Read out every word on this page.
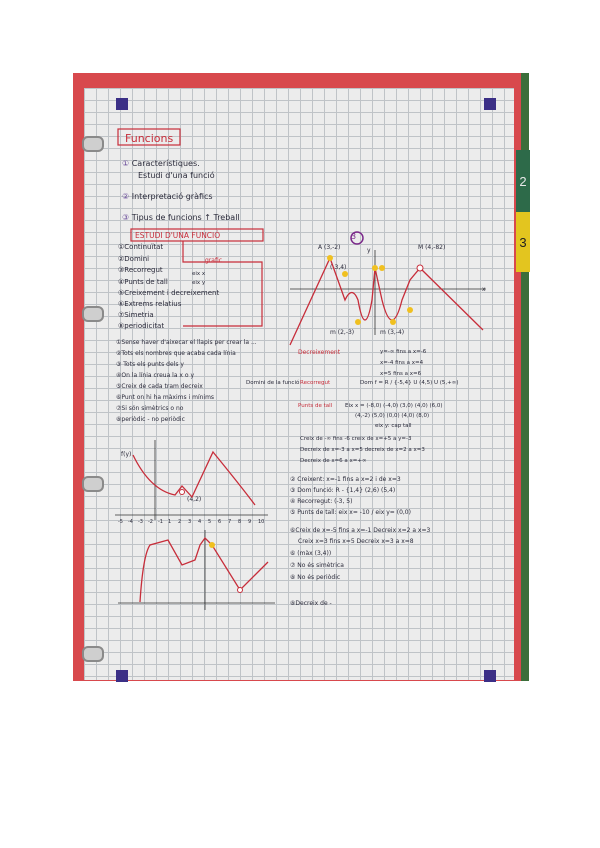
2
3
Funcions
① Característiques.
Estudi d'una funció
② Interpretació gràfics
③ Tipus de funcions ↑ Treball
ESTUDI D'UNA FUNCIÓ
①Continuïtat
②Domini
③Recorregut
④Punts de tall
⑤Creixement i decreixement
⑥Extrems relatius
⑦Simetria
⑧periodicitat
grafic
eix x
eix y
①Sense haver d'aixecar el llapis per crear la ...
②Tots els nombres que acaba cada línia
③ Tots els punts dels y
④On la línia creua la x o y
⑤Creix de cada tram decreix
⑥Punt on hi ha màxims i mínims
⑦Si són simètrics o no
⑧periòdic - no periòdic
3
A (3,-2)
(-3,4)
M (4,-82)
m (2,-3)	m (3,-4)
y
x
Decreixement	y=-∞ fins a x=-6
x=-4 fins a x=4
x=5 fins a x=6
Domini de la funció Recorregut	Dom f = R / {-5,4} U (4,5) U (5,+∞)
Punts de tall Eix x = (-8,0) (-4,0) (3,0) (4,0) (6,0)
(4,-2) (5,0) (0,0) (4,0) (8,0)
eix y: cap tall
Creix de -∞ fins -6 creix de x=+5 a y=-3
Decreix de x=-3 a x=5 decreix de x=2 a x=3
Decreix de x=6 a x=+∞
② Creixent: x=-1 fins a x=2 i de x=3
③ Dom funció: R - {1,4} (2,6) (5,4)
④ Recorregut: (-3, 5)
⑤ Punts de tall: eix x= -10 / eix y= (0,0)
⑥Creix de x=-5 fins a x=-1 Decreix x=2 a x=3
Creix x=3 fins x=5 Decreix x=3 a x=8
⑥ (màx (3,4))
⑦ No és simètrica
⑧ No és periòdic
⑧Decreix de -
f(y)
(4,2)
-5 -4 -3 -2 -1 1 2 3 4 5 6 7 8 9 10
